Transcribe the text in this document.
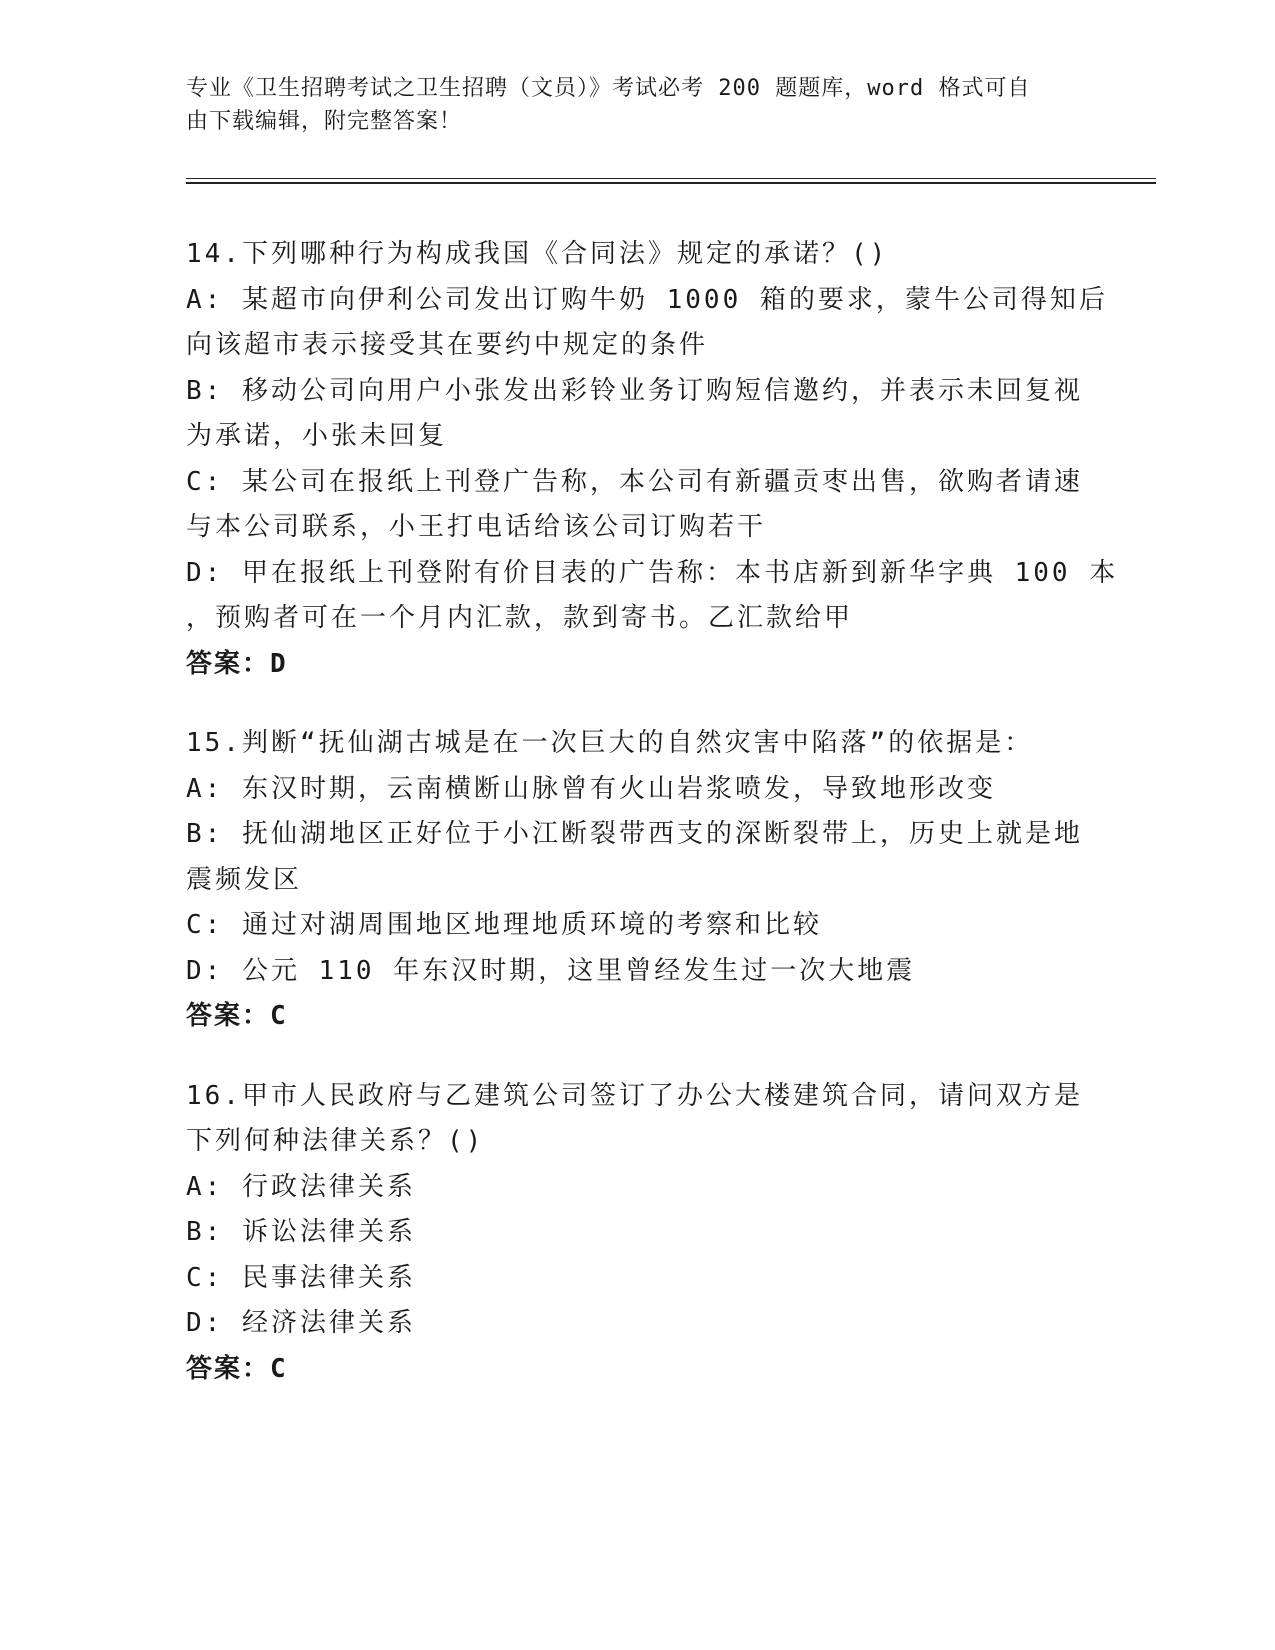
专业《卫生招聘考试之卫生招聘（文员）》考试必考 200 题题库，word 格式可自
由下载编辑，附完整答案！
14.下列哪种行为构成我国《合同法》规定的承诺？()
A: 某超市向伊利公司发出订购牛奶 1000 箱的要求，蒙牛公司得知后
向该超市表示接受其在要约中规定的条件
B: 移动公司向用户小张发出彩铃业务订购短信邀约，并表示未回复视
为承诺，小张未回复
C: 某公司在报纸上刊登广告称，本公司有新疆贡枣出售，欲购者请速
与本公司联系，小王打电话给该公司订购若干
D: 甲在报纸上刊登附有价目表的广告称：本书店新到新华字典 100 本
，预购者可在一个月内汇款，款到寄书。乙汇款给甲
答案：D
15.判断“抚仙湖古城是在一次巨大的自然灾害中陷落”的依据是：
A: 东汉时期，云南横断山脉曾有火山岩浆喷发，导致地形改变
B: 抚仙湖地区正好位于小江断裂带西支的深断裂带上，历史上就是地
震频发区
C: 通过对湖周围地区地理地质环境的考察和比较
D: 公元 110 年东汉时期，这里曾经发生过一次大地震
答案：C
16.甲市人民政府与乙建筑公司签订了办公大楼建筑合同，请问双方是
下列何种法律关系？()
A: 行政法律关系
B: 诉讼法律关系
C: 民事法律关系
D: 经济法律关系
答案：C
